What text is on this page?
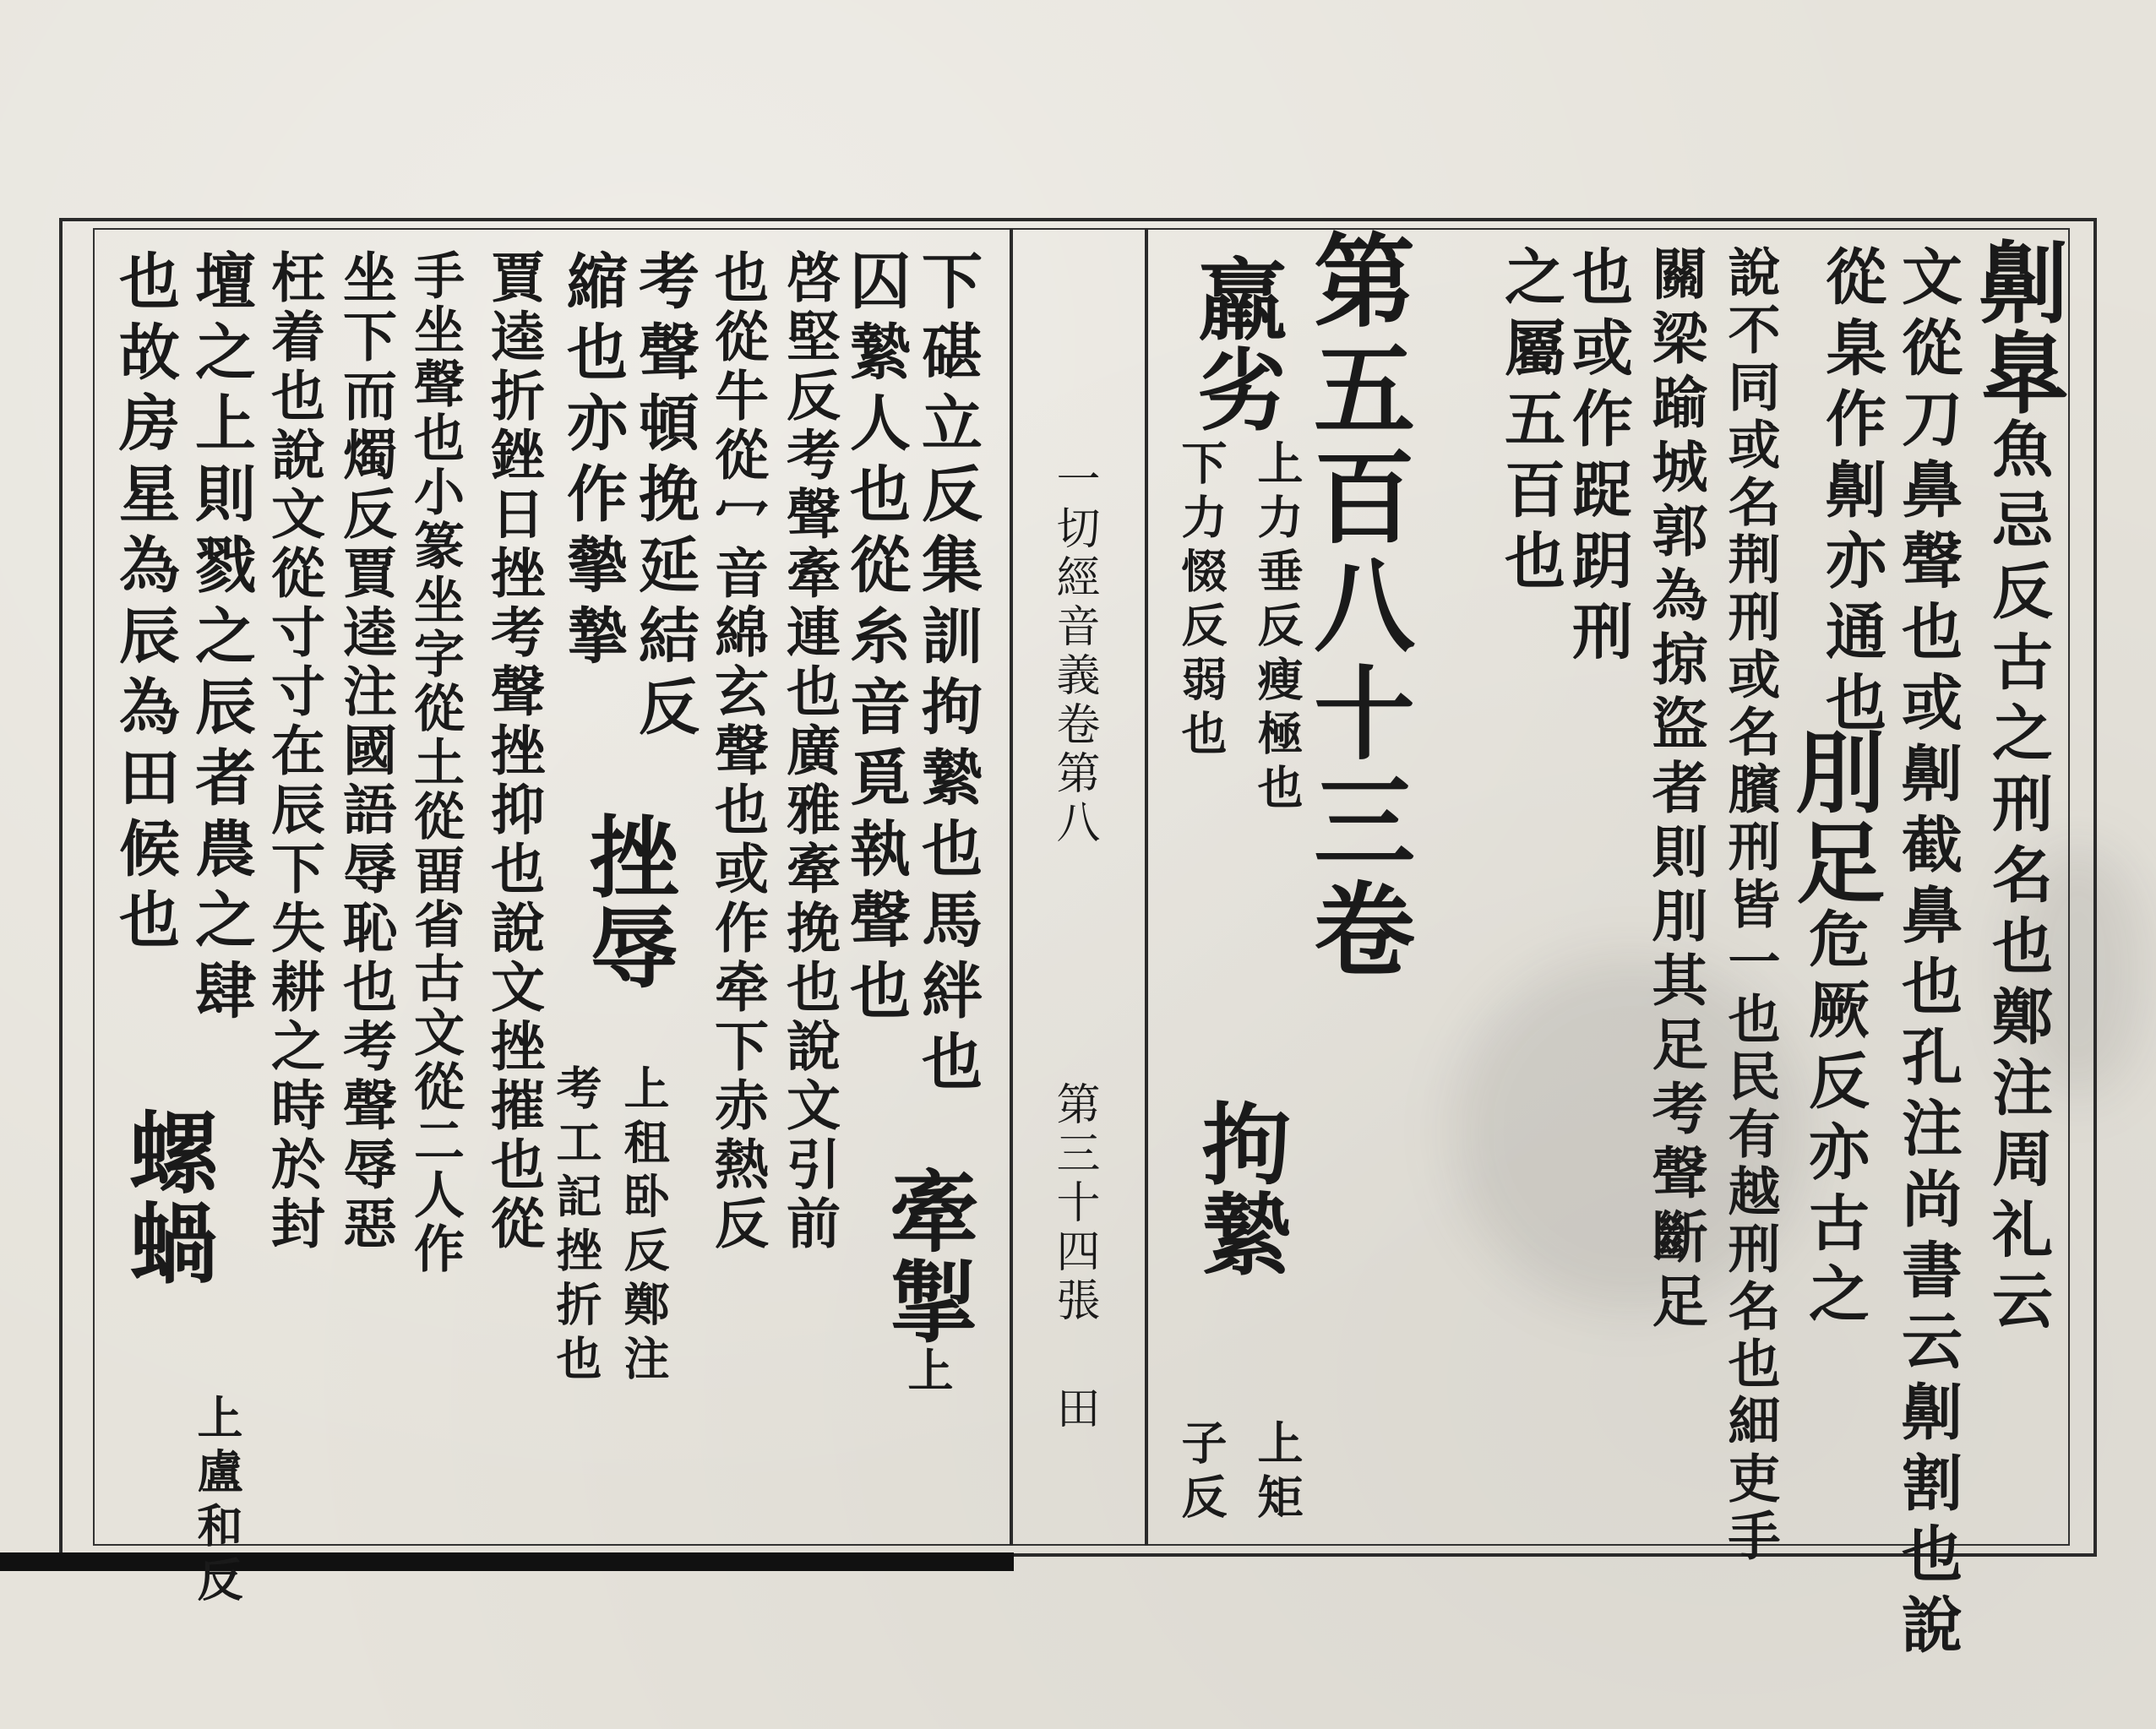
劓臯魚忌反古之刑名也鄭注周礼云
文從刀鼻聲也或劓截鼻也孔注尚書云劓割也說
從臬作劓亦通也
刖足危厥反亦古之
說不同或名荆刑或名臏刑皆一也民有越刑名也細吏手
關梁踰城郭為掠盜者則刖其足考聲斷足
也或作踀跀刑
之屬五百也
第五百八十三卷
羸劣
上力垂反瘦極也
下力惙反弱也
拘縶
上矩
子反
一切經音義卷第八
第三十四張
田
下碪立反集訓拘縶也馬絆也
囚縶人也從糸音覓執聲也
牽掣上
啓堅反考聲牽連也廣雅牽挽也說文引前
也從牛從冖音綿玄聲也或作牵下赤熱反
考聲頓挽延結反
縮也亦作摰摯
挫辱
上租卧反鄭注
考工記挫折也
賈逵折銼日挫考聲挫抑也說文挫摧也從
手坐聲也小篆坐字從土從畱省古文從二人作
坐下而燭反賈逵注國語辱恥也考聲辱惡
枉着也說文從寸寸在辰下失耕之時於封
壇之上則戮之辰者農之肆
螺蝸
上盧和反
也故房星為辰為田候也
